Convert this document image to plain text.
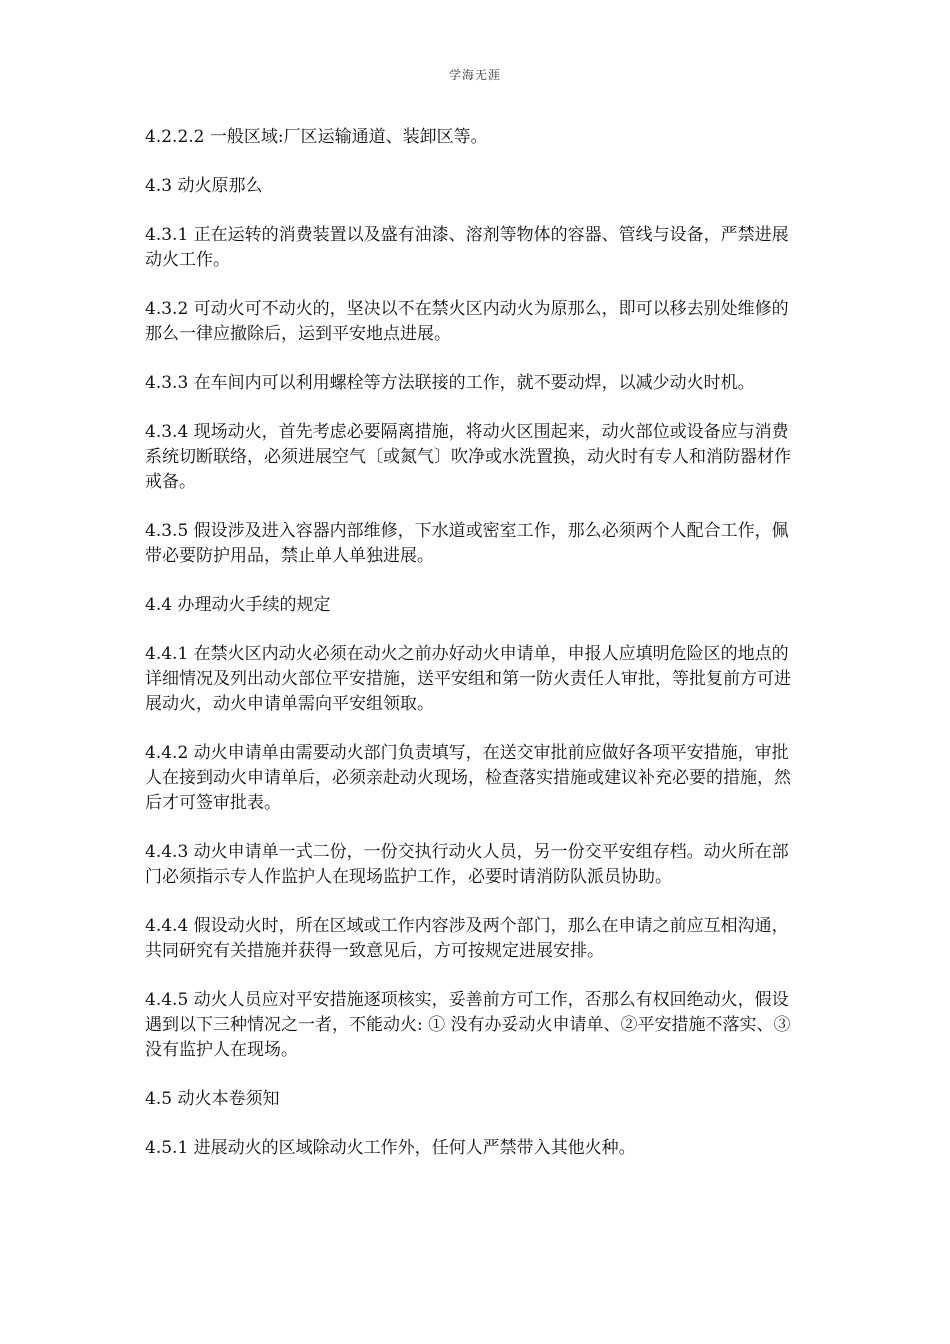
学海无涯

4.2.2.2 一般区域:厂区运输通道、装卸区等。

4.3 动火原那么

4.3.1 正在运转的消费装置以及盛有油漆、溶剂等物体的容器、管线与设备，严禁进展动火工作。

4.3.2 可动火可不动火的，坚决以不在禁火区内动火为原那么，即可以移去别处维修的那么一律应撤除后，运到平安地点进展。

4.3.3 在车间内可以利用螺栓等方法联接的工作，就不要动焊，以减少动火时机。

4.3.4 现场动火，首先考虑必要隔离措施，将动火区围起来，动火部位或设备应与消费系统切断联络，必须进展空气〔或氮气〕吹净或水洗置换，动火时有专人和消防器材作戒备。

4.3.5 假设涉及进入容器内部维修，下水道或密室工作，那么必须两个人配合工作，佩带必要防护用品，禁止单人单独进展。

4.4 办理动火手续的规定

4.4.1 在禁火区内动火必须在动火之前办好动火申请单，申报人应填明危险区的地点的详细情况及列出动火部位平安措施，送平安组和第一防火责任人审批，等批复前方可进展动火，动火申请单需向平安组领取。

4.4.2 动火申请单由需要动火部门负责填写，在送交审批前应做好各项平安措施，审批人在接到动火申请单后，必须亲赴动火现场，检查落实措施或建议补充必要的措施，然后才可签审批表。

4.4.3 动火申请单一式二份，一份交执行动火人员，另一份交平安组存档。动火所在部门必须指示专人作监护人在现场监护工作，必要时请消防队派员协助。

4.4.4 假设动火时，所在区域或工作内容涉及两个部门，那么在申请之前应互相沟通，共同研究有关措施并获得一致意见后，方可按规定进展安排。

4.4.5 动火人员应对平安措施逐项核实，妥善前方可工作，否那么有权回绝动火，假设遇到以下三种情况之一者，不能动火: ① 没有办妥动火申请单、②平安措施不落实、③没有监护人在现场。

4.5 动火本卷须知

4.5.1 进展动火的区域除动火工作外，任何人严禁带入其他火种。
